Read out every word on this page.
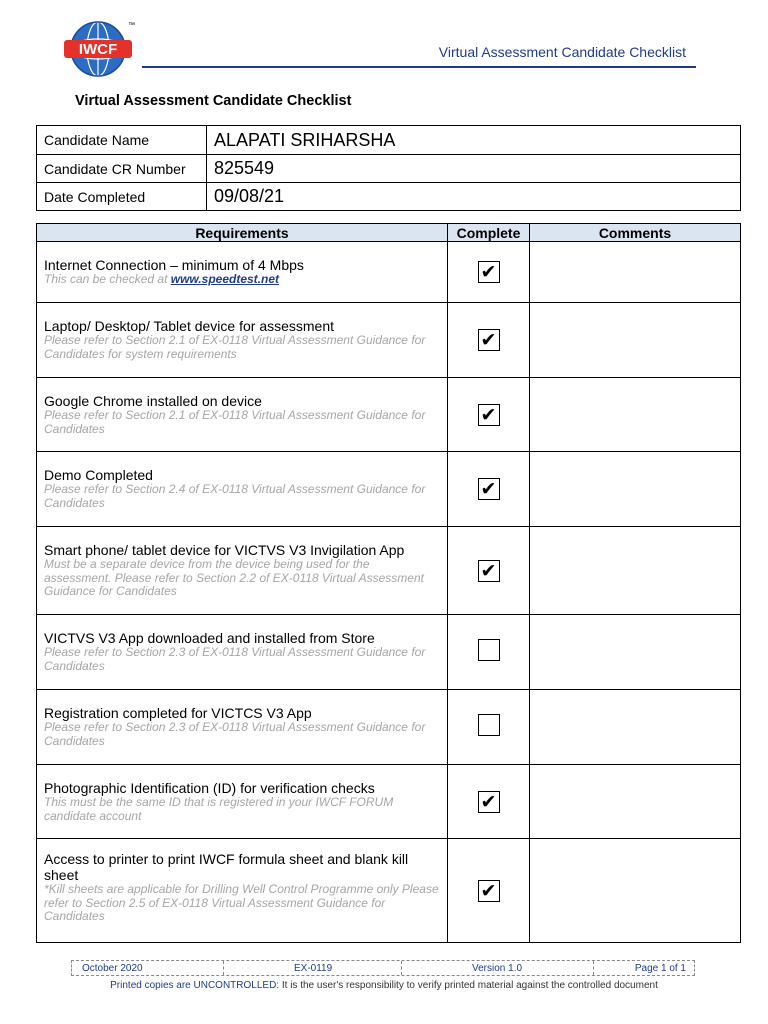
IWCF
™
Virtual Assessment Candidate Checklist
Virtual Assessment Candidate Checklist
Candidate Name	ALAPATI SRIHARSHA
Candidate CR Number	825549
Date Completed	09/08/21
Requirements	Complete	Comments

Internet Connection – minimum of 4 Mbps
This can be checked at www.speedtest.net	✔	

Laptop/ Desktop/ Tablet device for assessment
Please refer to Section 2.1 of EX-0118 Virtual Assessment Guidance for Candidates for system requirements	✔	

Google Chrome installed on device
Please refer to Section 2.1 of EX-0118 Virtual Assessment Guidance for Candidates	✔	

Demo Completed
Please refer to Section 2.4 of EX-0118 Virtual Assessment Guidance for Candidates	✔	

Smart phone/ tablet device for VICTVS V3 Invigilation App
Must be a separate device from the device being used for the assessment. Please refer to Section 2.2 of EX-0118 Virtual Assessment Guidance for Candidates	✔	

VICTVS V3 App downloaded and installed from Store
Please refer to Section 2.3 of EX-0118 Virtual Assessment Guidance for Candidates		

Registration completed for VICTCS V3 App
Please refer to Section 2.3 of EX-0118 Virtual Assessment Guidance for Candidates		

Photographic Identification (ID) for verification checks
This must be the same ID that is registered in your IWCF FORUM candidate account	✔	

Access to printer to print IWCF formula sheet and blank kill sheet
*Kill sheets are applicable for Drilling Well Control Programme only Please refer to Section 2.5 of EX-0118 Virtual Assessment Guidance for Candidates	✔	
October 2020	EX-0119	Version 1.0	Page 1 of 1
Printed copies are UNCONTROLLED: It is the user's responsibility to verify printed material against the controlled document
